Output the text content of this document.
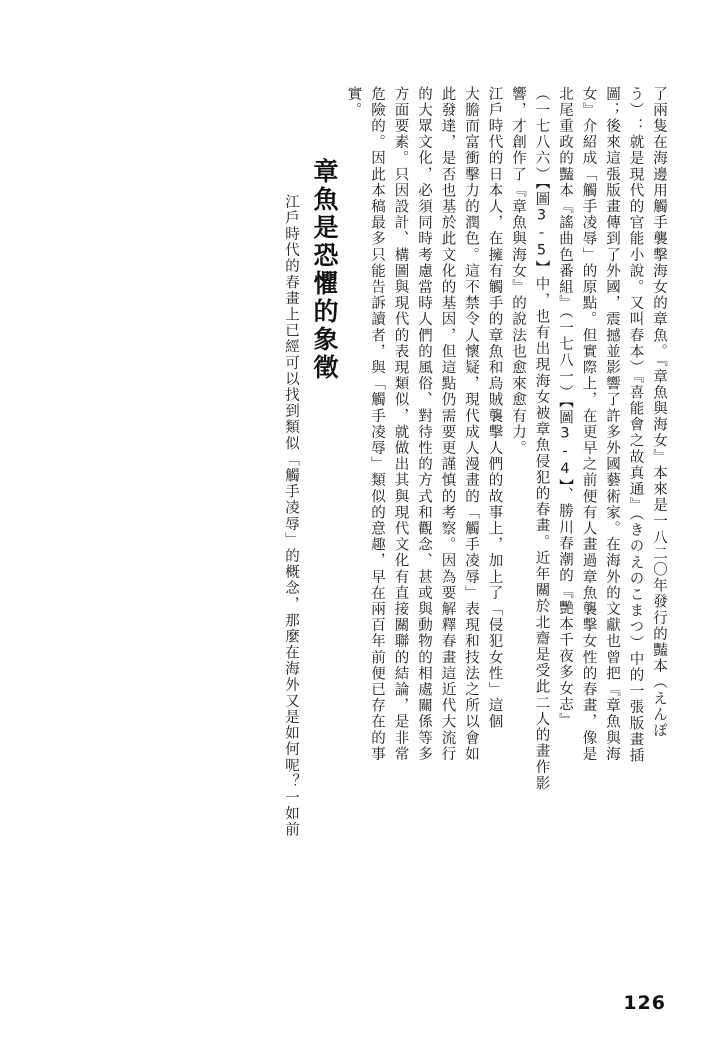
了兩隻在海邊用觸手襲擊海女的章魚。『章魚與海女』本來是一八二〇年發行的豔本（えんぽ
う）：就是現代的官能小說。又叫春本）『喜能會之故真通』（きのえのこまつ）中的一張版畫插
圖；後來這張版畫傳到了外國，震撼並影響了許多外國藝術家。在海外的文獻也曾把『章魚與海
女』介紹成「觸手凌辱」的原點。但實際上，在更早之前便有人畫過章魚襲擊女性的春畫，像是
北尾重政的豔本『謠曲色番組』（一七八一）【圖3-4】、勝川春潮的『艷本千夜多女志』
（一七八六）【圖3-5】中，也有出現海女被章魚侵犯的春畫。近年關於北齋是受此二人的畫作影
響，才創作了『章魚與海女』的說法也愈來愈有力。
江戶時代的日本人，在擁有觸手的章魚和烏賊襲擊人們的故事上，加上了「侵犯女性」這個
大膽而富衝擊力的潤色。這不禁令人懷疑，現代成人漫畫的「觸手凌辱」表現和技法之所以會如
此發達，是否也基於此文化的基因，但這點仍需要更謹慎的考察。因為要解釋春畫這近代大流行
的大眾文化，必須同時考慮當時人們的風俗、對待性的方式和觀念、甚或與動物的相處關係等多
方面要素。只因設計、構圖與現代的表現類似，就做出其與現代文化有直接關聯的結論，是非常
危險的。因此本稿最多只能告訴讀者，與「觸手凌辱」類似的意趣，早在兩百年前便已存在的事
實。
章魚是恐懼的象徵
江戶時代的春畫上已經可以找到類似「觸手凌辱」的概念，那麼在海外又是如何呢？一如前
126
